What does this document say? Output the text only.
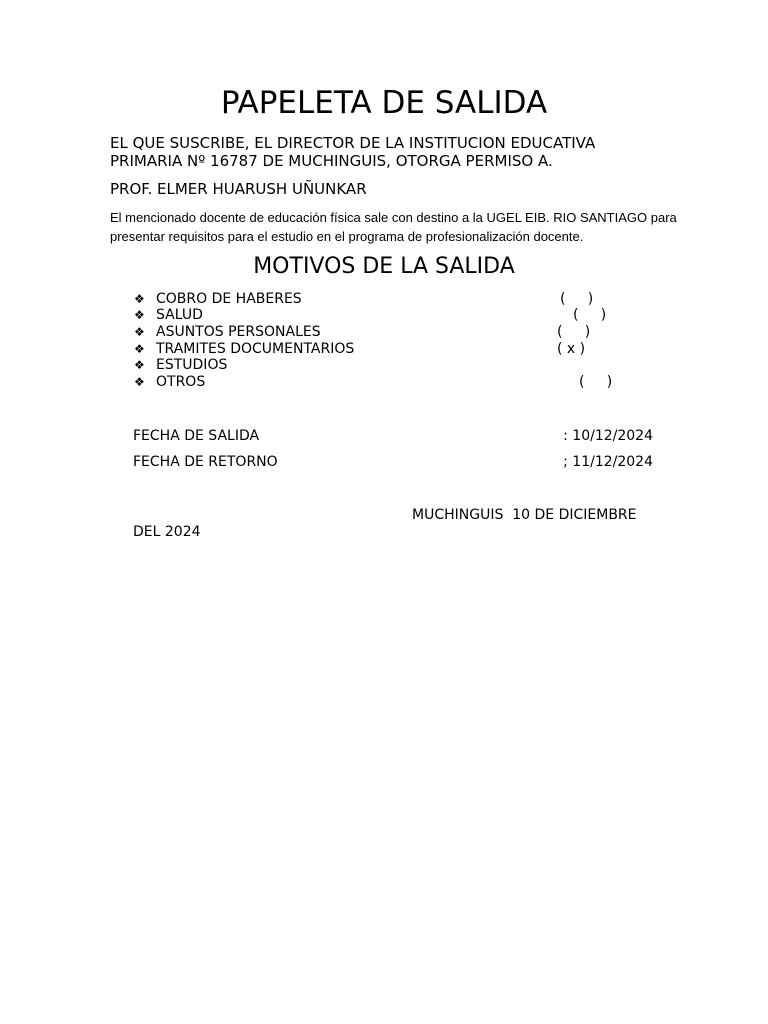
PAPELETA DE SALIDA
EL QUE SUSCRIBE, EL DIRECTOR DE LA INSTITUCION EDUCATIVA
PRIMARIA Nº 16787 DE MUCHINGUIS, OTORGA PERMISO A.
PROF. ELMER HUARUSH UÑUNKAR
El mencionado docente de educación física sale con destino a la UGEL EIB. RIO SANTIAGO para
presentar requisitos para el estudio en el programa de profesionalización docente.
MOTIVOS DE LA SALIDA
❖ COBRO DE HABERES	(     )
❖ SALUD	(     )
❖ ASUNTOS PERSONALES	(     )
❖ TRAMITES DOCUMENTARIOS	( x )
❖ ESTUDIOS
❖ OTROS	(     )
FECHA DE SALIDA	: 10/12/2024
FECHA DE RETORNO	; 11/12/2024
MUCHINGUIS  10 DE DICIEMBRE
DEL 2024
